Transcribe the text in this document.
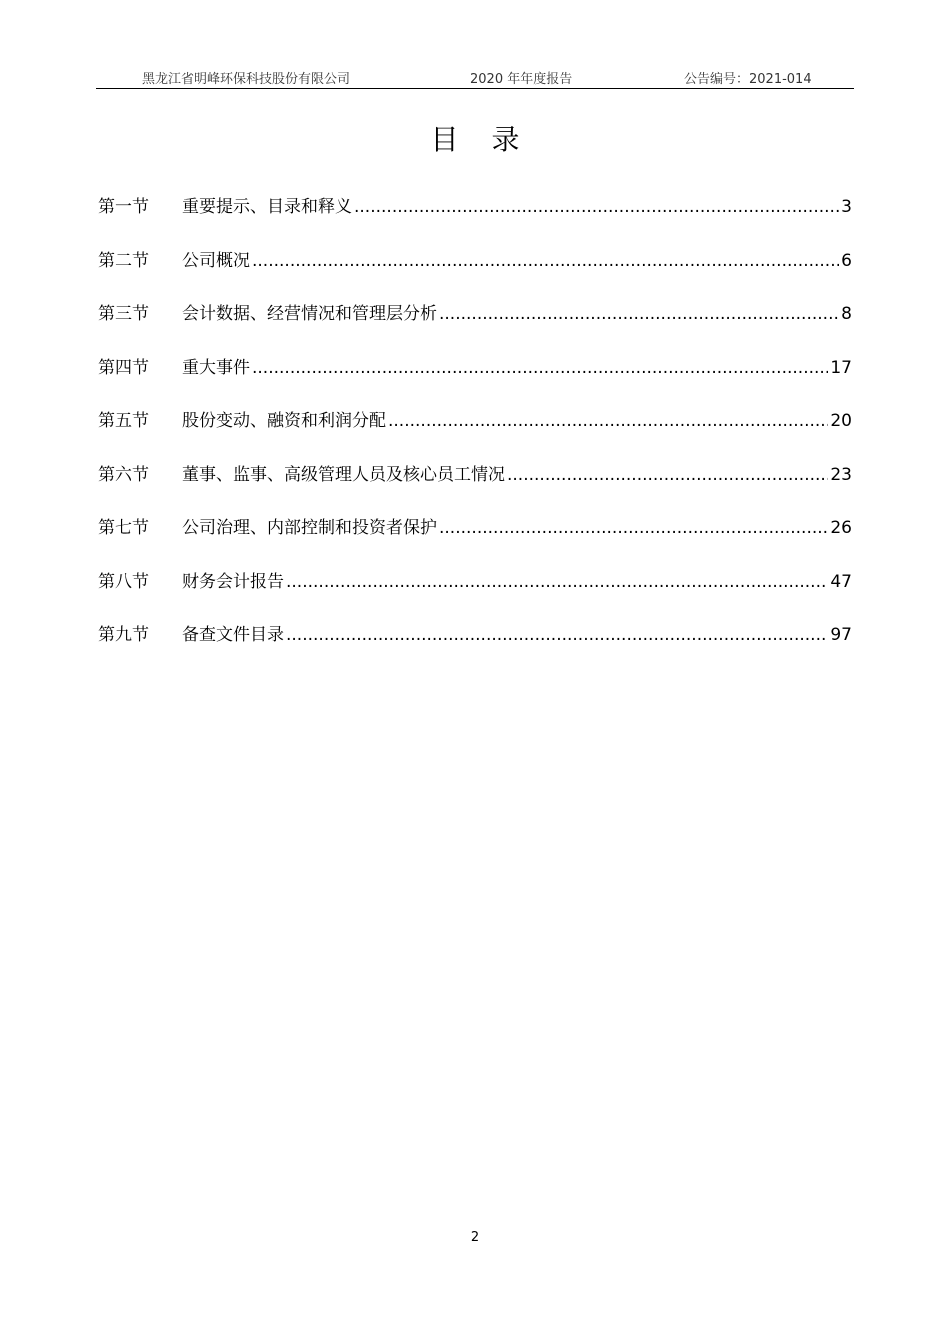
黑龙江省明峰环保科技股份有限公司	2020 年年度报告	公告编号：2021-014
目 录
第一节	重要提示、目录和释义 .....	3
第二节	公司概况 .....	6
第三节	会计数据、经营情况和管理层分析 .....	8
第四节	重大事件 .....	17
第五节	股份变动、融资和利润分配 .....	20
第六节	董事、监事、高级管理人员及核心员工情况 .....	23
第七节	公司治理、内部控制和投资者保护 .....	26
第八节	财务会计报告 .....	47
第九节	备查文件目录 .....	97
2
